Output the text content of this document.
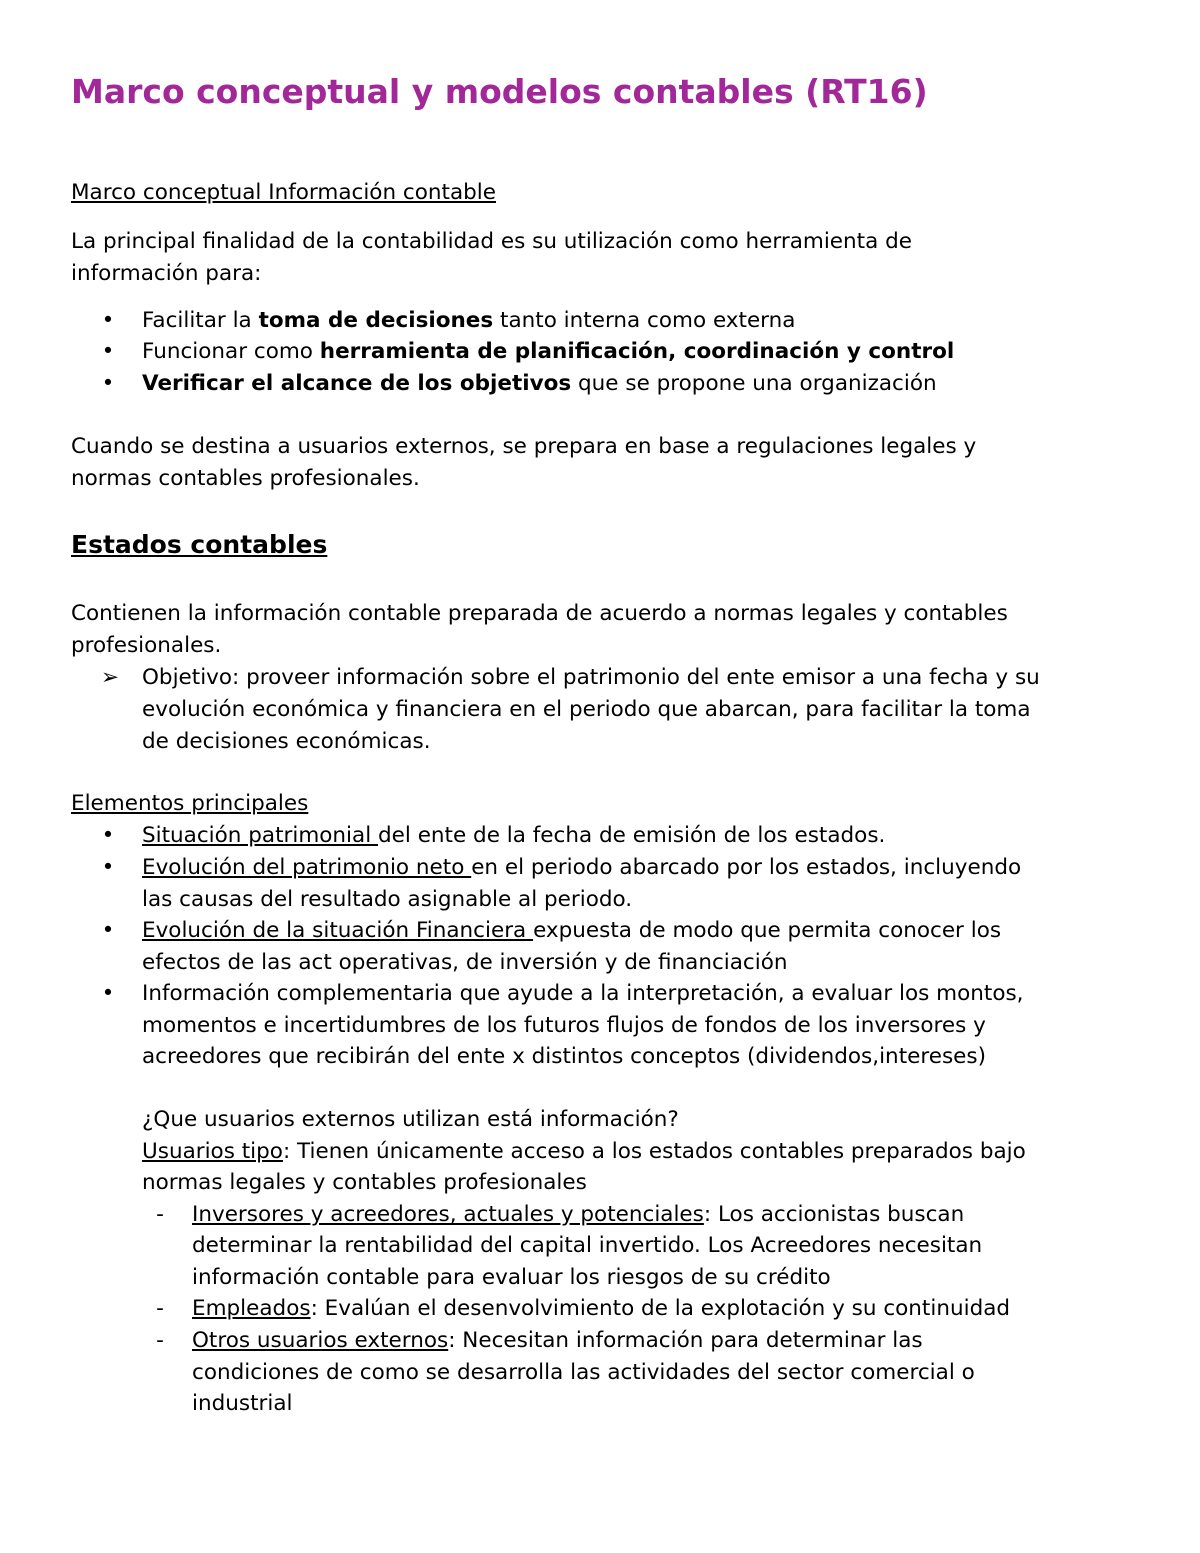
Marco conceptual y modelos contables (RT16)

Marco conceptual Información contable

La principal finalidad de la contabilidad es su utilización como herramienta de

información para:

• Facilitar la toma de decisiones tanto interna como externa

• Funcionar como herramienta de planificación, coordinación y control

• Verificar el alcance de los objetivos que se propone una organización

Cuando se destina a usuarios externos, se prepara en base a regulaciones legales y

normas contables profesionales.

Estados contables

Contienen la información contable preparada de acuerdo a normas legales y contables

profesionales.

➢ Objetivo: proveer información sobre el patrimonio del ente emisor a una fecha y su

evolución económica y financiera en el periodo que abarcan, para facilitar la toma

de decisiones económicas.

Elementos principales

• Situación patrimonial del ente de la fecha de emisión de los estados.

• Evolución del patrimonio neto en el periodo abarcado por los estados, incluyendo

las causas del resultado asignable al periodo.

• Evolución de la situación Financiera expuesta de modo que permita conocer los

efectos de las act operativas, de inversión y de financiación

• Información complementaria que ayude a la interpretación, a evaluar los montos,

momentos e incertidumbres de los futuros flujos de fondos de los inversores y

acreedores que recibirán del ente x distintos conceptos (dividendos,intereses)

¿Que usuarios externos utilizan está información?

Usuarios tipo: Tienen únicamente acceso a los estados contables preparados bajo

normas legales y contables profesionales

- Inversores y acreedores, actuales y potenciales: Los accionistas buscan

determinar la rentabilidad del capital invertido. Los Acreedores necesitan

información contable para evaluar los riesgos de su crédito

- Empleados: Evalúan el desenvolvimiento de la explotación y su continuidad

- Otros usuarios externos: Necesitan información para determinar las

condiciones de como se desarrolla las actividades del sector comercial o

industrial
